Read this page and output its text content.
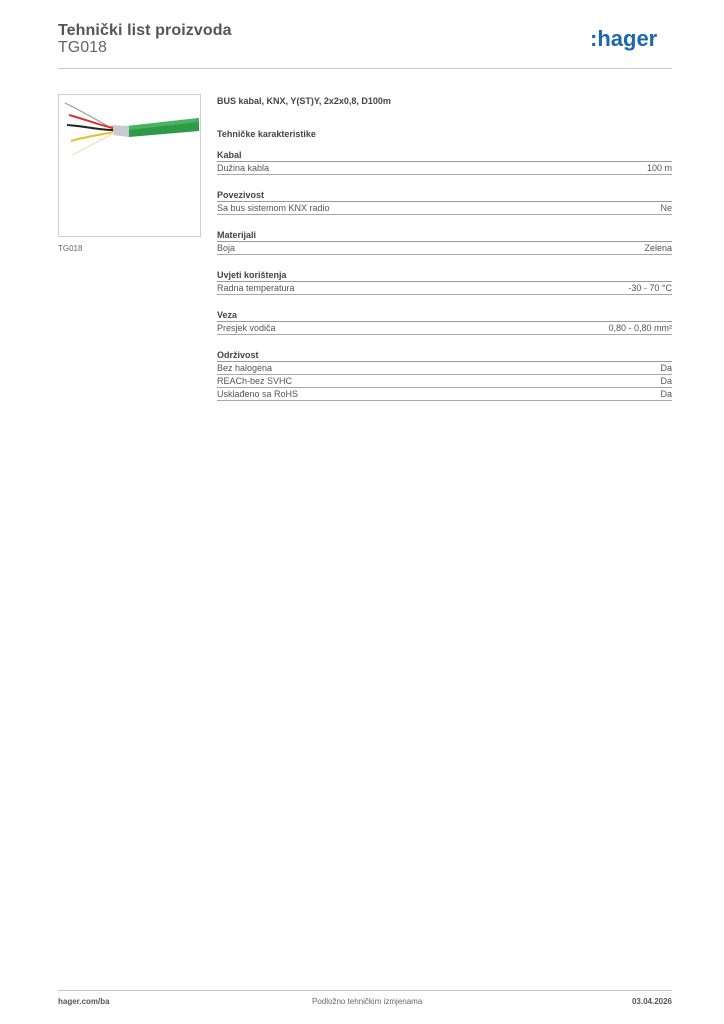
Tehnički list proizvoda
TG018	:hager
TG018
BUS kabal, KNX, Y(ST)Y, 2x2x0,8, D100m
Tehničke karakteristike
Kabal
Dužina kabla	100 m
Povezivost
Sa bus sistemom KNX radio	Ne
Materijali
Boja	Zelena
Uvjeti korištenja
Radna temperatura	-30 - 70 °C
Veza
Presjek vodiča	0,80 - 0,80 mm²
Održivost
Bez halogena	Da
REACh-bez SVHC	Da
Usklađeno sa RoHS	Da
hager.com/ba	Podložno tehničkim izmjenama	03.04.2026
